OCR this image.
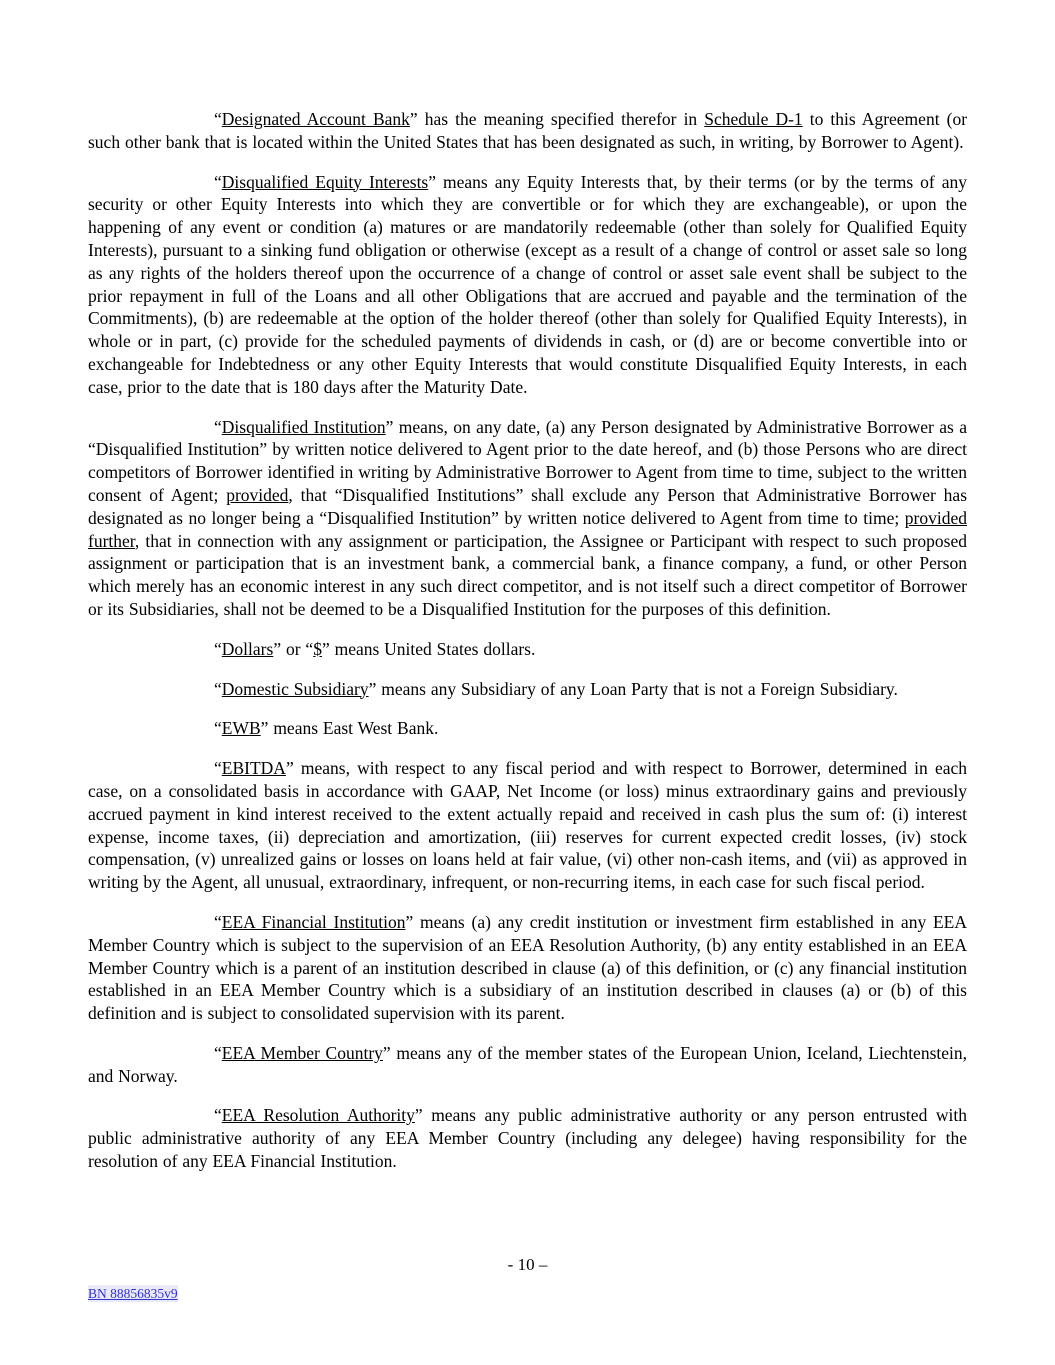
“Designated Account Bank” has the meaning specified therefor in Schedule D-1 to this Agreement (or such other bank that is located within the United States that has been designated as such, in writing, by Borrower to Agent).

“Disqualified Equity Interests” means any Equity Interests that, by their terms (or by the terms of any security or other Equity Interests into which they are convertible or for which they are exchangeable), or upon the happening of any event or condition (a) matures or are mandatorily redeemable (other than solely for Qualified Equity Interests), pursuant to a sinking fund obligation or otherwise (except as a result of a change of control or asset sale so long as any rights of the holders thereof upon the occurrence of a change of control or asset sale event shall be subject to the prior repayment in full of the Loans and all other Obligations that are accrued and payable and the termination of the Commitments), (b) are redeemable at the option of the holder thereof (other than solely for Qualified Equity Interests), in whole or in part, (c) provide for the scheduled payments of dividends in cash, or (d) are or become convertible into or exchangeable for Indebtedness or any other Equity Interests that would constitute Disqualified Equity Interests, in each case, prior to the date that is 180 days after the Maturity Date.

“Disqualified Institution” means, on any date, (a) any Person designated by Administrative Borrower as a “Disqualified Institution” by written notice delivered to Agent prior to the date hereof, and (b) those Persons who are direct competitors of Borrower identified in writing by Administrative Borrower to Agent from time to time, subject to the written consent of Agent; provided, that “Disqualified Institutions” shall exclude any Person that Administrative Borrower has designated as no longer being a “Disqualified Institution” by written notice delivered to Agent from time to time; provided further, that in connection with any assignment or participation, the Assignee or Participant with respect to such proposed assignment or participation that is an investment bank, a commercial bank, a finance company, a fund, or other Person which merely has an economic interest in any such direct competitor, and is not itself such a direct competitor of Borrower or its Subsidiaries, shall not be deemed to be a Disqualified Institution for the purposes of this definition.

“Dollars” or “$” means United States dollars.

“Domestic Subsidiary” means any Subsidiary of any Loan Party that is not a Foreign Subsidiary.

“EWB” means East West Bank.

“EBITDA” means, with respect to any fiscal period and with respect to Borrower, determined in each case, on a consolidated basis in accordance with GAAP, Net Income (or loss) minus extraordinary gains and previously accrued payment in kind interest received to the extent actually repaid and received in cash plus the sum of: (i) interest expense, income taxes, (ii) depreciation and amortization, (iii) reserves for current expected credit losses, (iv) stock compensation, (v) unrealized gains or losses on loans held at fair value, (vi) other non-cash items, and (vii) as approved in writing by the Agent, all unusual, extraordinary, infrequent, or non-recurring items, in each case for such fiscal period.

“EEA Financial Institution” means (a) any credit institution or investment firm established in any EEA Member Country which is subject to the supervision of an EEA Resolution Authority, (b) any entity established in an EEA Member Country which is a parent of an institution described in clause (a) of this definition, or (c) any financial institution established in an EEA Member Country which is a subsidiary of an institution described in clauses (a) or (b) of this definition and is subject to consolidated supervision with its parent.

“EEA Member Country” means any of the member states of the European Union, Iceland, Liechtenstein, and Norway.

“EEA Resolution Authority” means any public administrative authority or any person entrusted with public administrative authority of any EEA Member Country (including any delegee) having responsibility for the resolution of any EEA Financial Institution.

- 10 –
BN 88856835v9
